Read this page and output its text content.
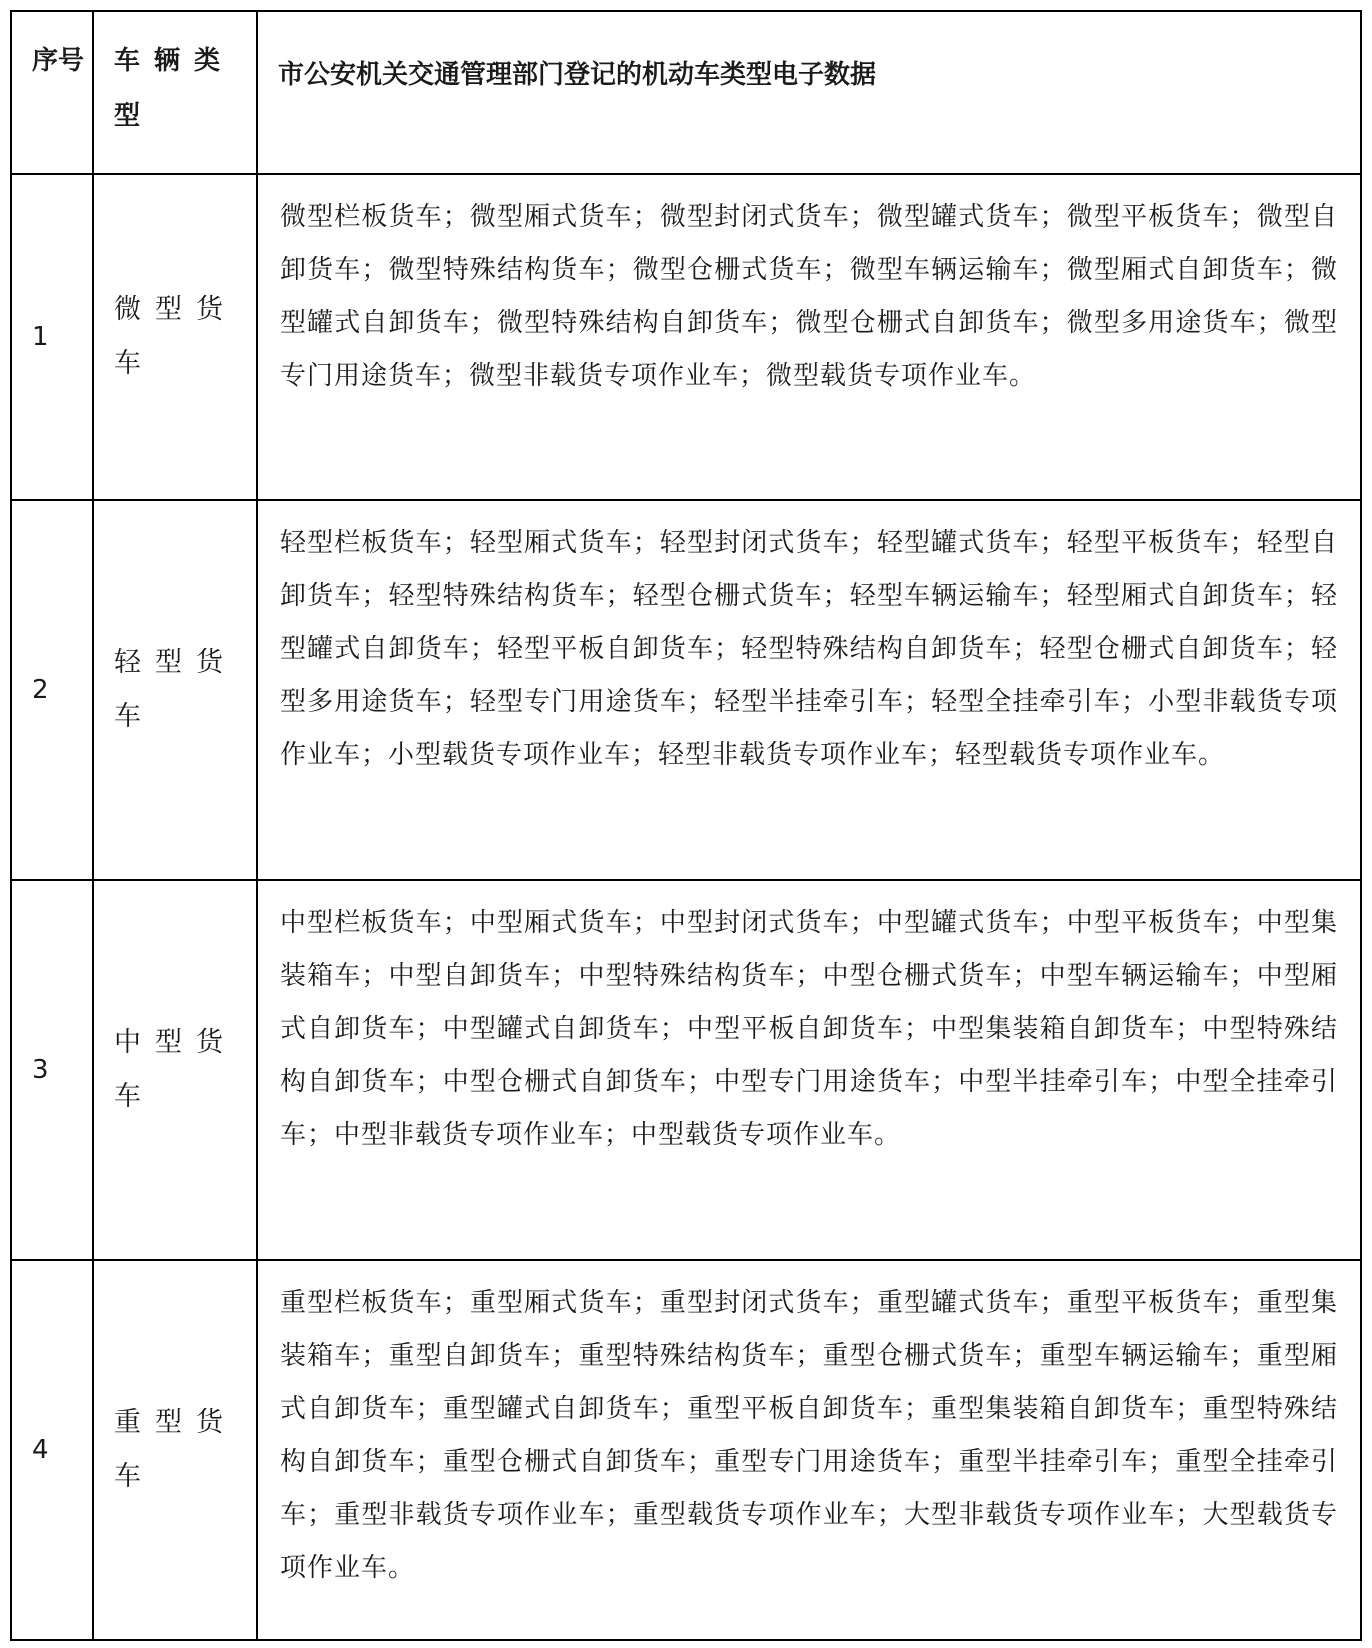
序号	车辆类型	市公安机关交通管理部门登记的机动车类型电子数据
1	微型货车	微型栏板货车；微型厢式货车；微型封闭式货车；微型罐式货车；微型平板货车；微型自卸货车；微型特殊结构货车；微型仓栅式货车；微型车辆运输车；微型厢式自卸货车；微型罐式自卸货车；微型特殊结构自卸货车；微型仓栅式自卸货车；微型多用途货车；微型专门用途货车；微型非载货专项作业车；微型载货专项作业车。
2	轻型货车	轻型栏板货车；轻型厢式货车；轻型封闭式货车；轻型罐式货车；轻型平板货车；轻型自卸货车；轻型特殊结构货车；轻型仓栅式货车；轻型车辆运输车；轻型厢式自卸货车；轻型罐式自卸货车；轻型平板自卸货车；轻型特殊结构自卸货车；轻型仓栅式自卸货车；轻型多用途货车；轻型专门用途货车；轻型半挂牵引车；轻型全挂牵引车；小型非载货专项作业车；小型载货专项作业车；轻型非载货专项作业车；轻型载货专项作业车。
3	中型货车	中型栏板货车；中型厢式货车；中型封闭式货车；中型罐式货车；中型平板货车；中型集装箱车；中型自卸货车；中型特殊结构货车；中型仓栅式货车；中型车辆运输车；中型厢式自卸货车；中型罐式自卸货车；中型平板自卸货车；中型集装箱自卸货车；中型特殊结构自卸货车；中型仓栅式自卸货车；中型专门用途货车；中型半挂牵引车；中型全挂牵引车；中型非载货专项作业车；中型载货专项作业车。
4	重型货车	重型栏板货车；重型厢式货车；重型封闭式货车；重型罐式货车；重型平板货车；重型集装箱车；重型自卸货车；重型特殊结构货车；重型仓栅式货车；重型车辆运输车；重型厢式自卸货车；重型罐式自卸货车；重型平板自卸货车；重型集装箱自卸货车；重型特殊结构自卸货车；重型仓栅式自卸货车；重型专门用途货车；重型半挂牵引车；重型全挂牵引车；重型非载货专项作业车；重型载货专项作业车；大型非载货专项作业车；大型载货专项作业车。
